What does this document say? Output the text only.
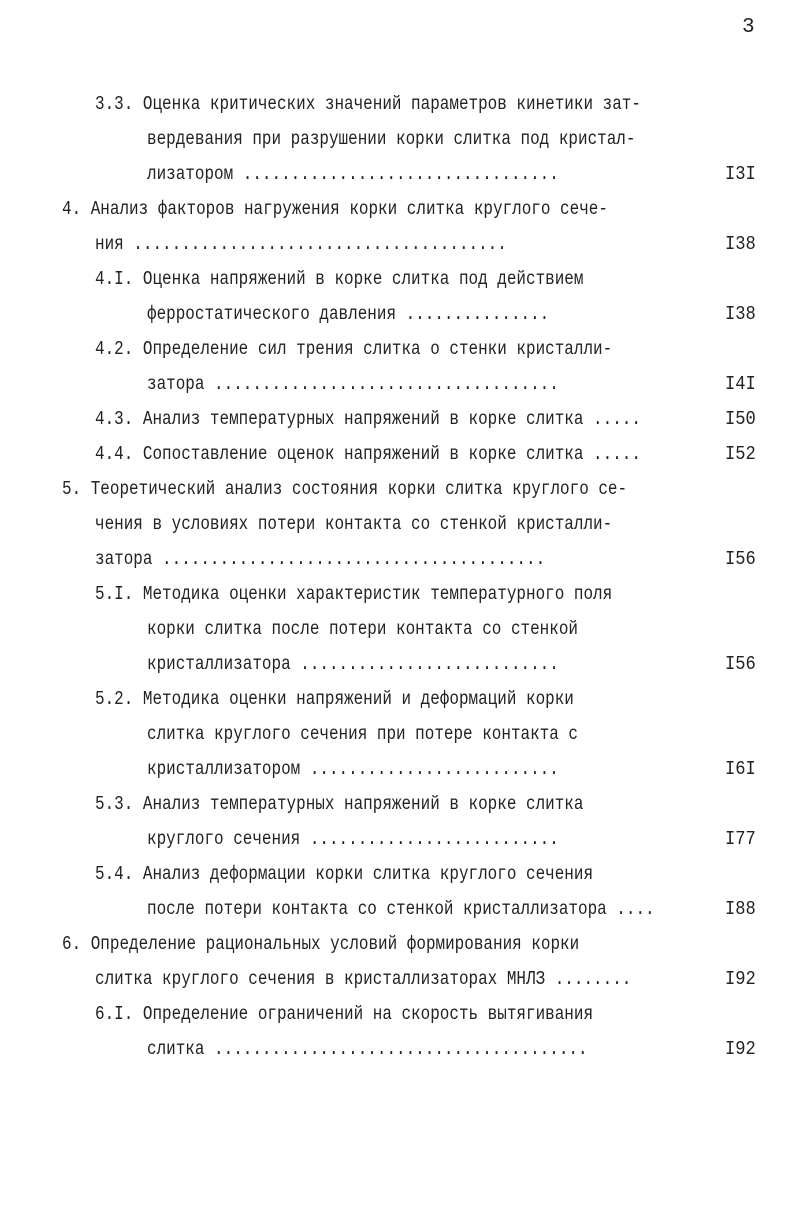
3
3.3. Оценка критических значений параметров кинетики зат-
вердевания при разрушении корки слитка под кристал-
лизатором .................................	I3I
4. Анализ факторов нагружения корки слитка круглого сече-
ния .......................................	I38
4.I. Оценка напряжений в корке слитка под действием
ферростатического давления ...............	I38
4.2. Определение сил трения слитка о стенки кристалли-
затора ....................................	I4I
4.3. Анализ температурных напряжений в корке слитка .....	I50
4.4. Сопоставление оценок напряжений в корке слитка .....	I52
5. Теоретический анализ состояния корки слитка круглого се-
чения в условиях потери контакта со стенкой кристалли-
затора ........................................	I56
5.I. Методика оценки характеристик температурного поля
корки слитка после потери контакта со стенкой
кристаллизатора ...........................	I56
5.2. Методика оценки напряжений и деформаций корки
слитка круглого сечения при потере контакта с
кристаллизатором ..........................	I6I
5.3. Анализ температурных напряжений в корке слитка
круглого сечения ..........................	I77
5.4. Анализ деформации корки слитка круглого сечения
после потери контакта со стенкой кристаллизатора ....	I88
6. Определение рациональных условий формирования корки
слитка круглого сечения в кристаллизаторах МНЛЗ ........	I92
6.I. Определение ограничений на скорость вытягивания
слитка .......................................	I92
